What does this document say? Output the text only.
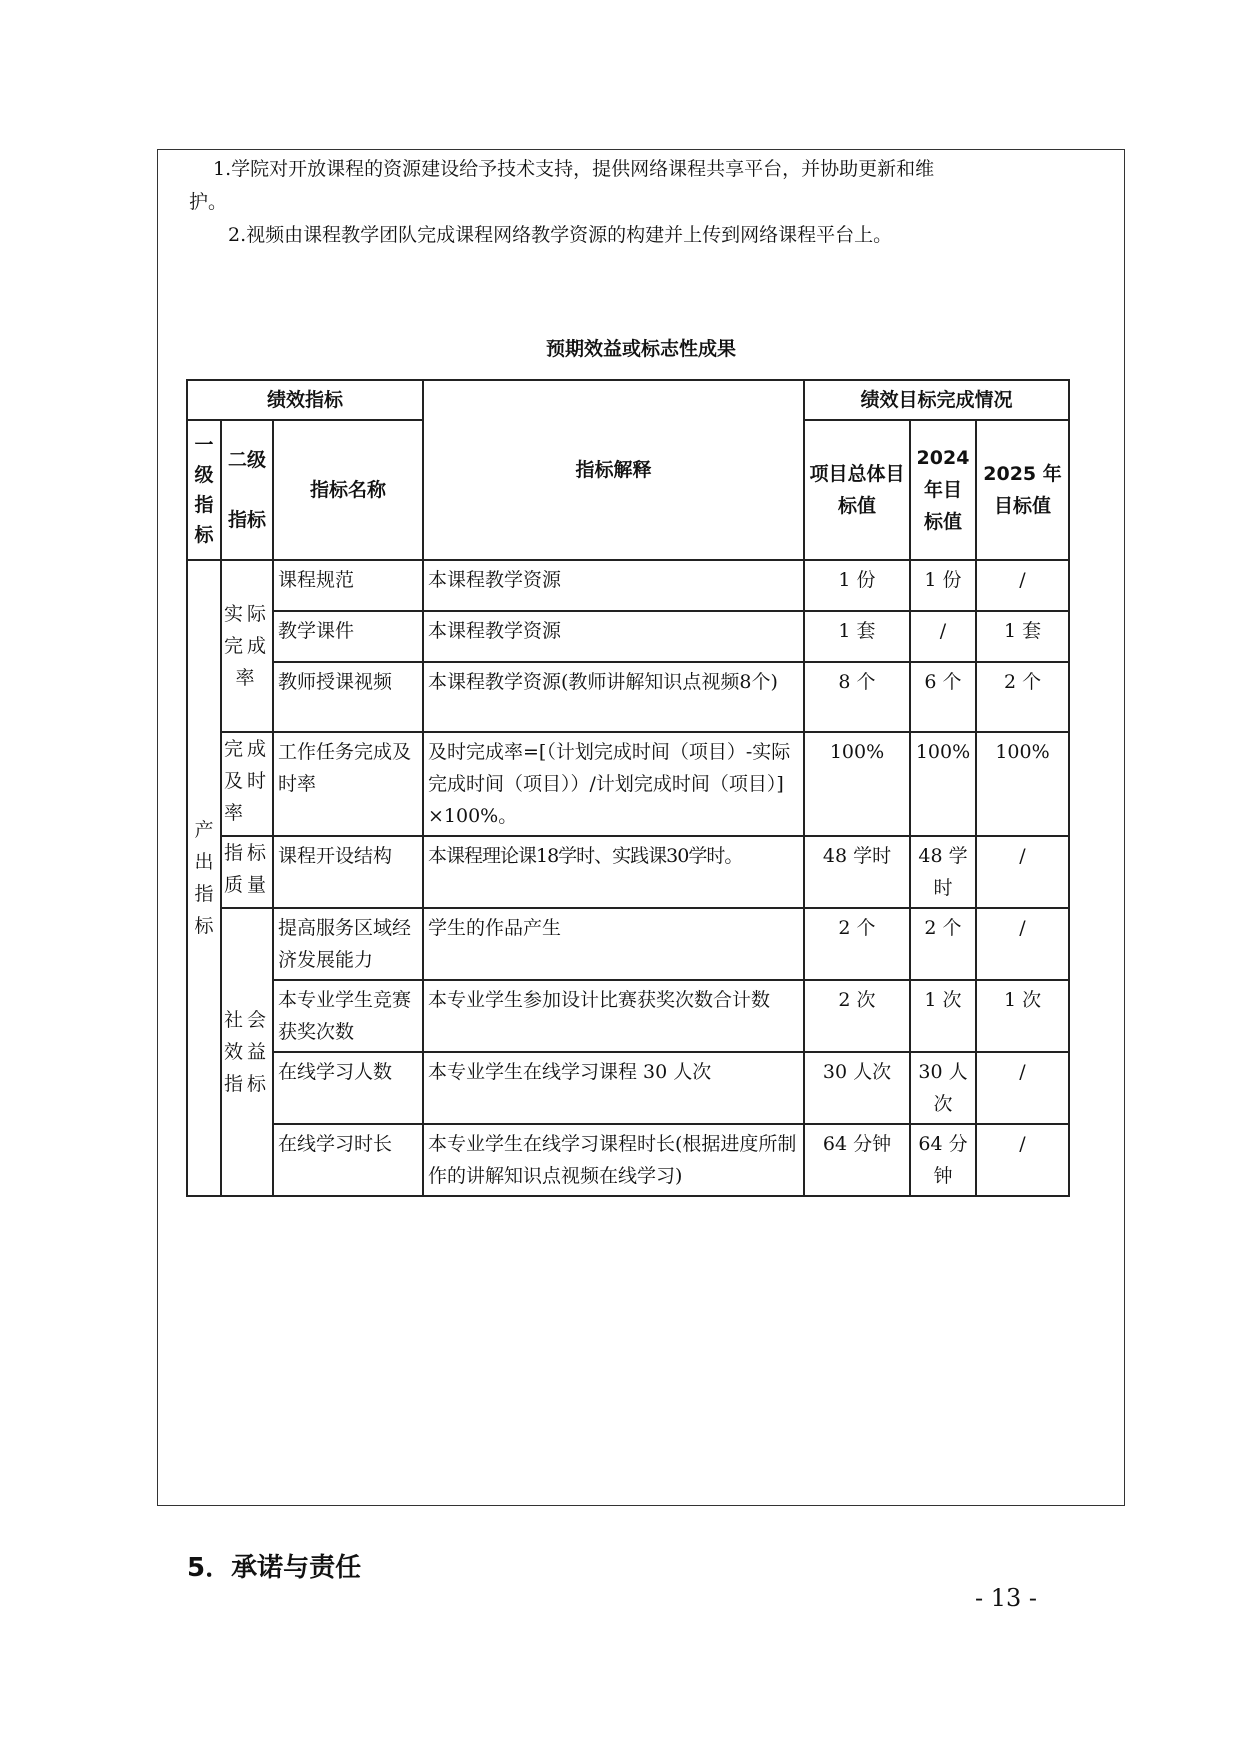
1.学院对开放课程的资源建设给予技术支持，提供网络课程共享平台，并协助更新和维

护。

2.视频由课程教学团队完成课程网络教学资源的构建并上传到网络课程平台上。

预期效益或标志性成果
绩效指标			指标解释	绩效目标完成情况		
一级指标	二级指标	指标名称		项目总体目标值	2024年目标值	2025 年目标值
产出指标	实际完成率	课程规范	本课程教学资源	1 份	1 份	/
		教学课件	本课程教学资源	1 套	/	1 套
		教师授课视频	本课程教学资源(教师讲解知识点视频8个)	8 个	6 个	2 个
	完成及时率	工作任务完成及时率	及时完成率=[（计划完成时间（项目）-实际完成时间（项目））/计划完成时间（项目）]×100%。	100%	100%	100%
	指标质量	课程开设结构	本课程理论课18学时、实践课30学时。	48 学时	48 学时	/
	社会效益指标	提高服务区域经济发展能力	学生的作品产生	2 个	2 个	/
		本专业学生竞赛获奖次数	本专业学生参加设计比赛获奖次数合计数	2 次	1 次	1 次
		在线学习人数	本专业学生在线学习课程 30 人次	30 人次	30 人次	/
		在线学习时长	本专业学生在线学习课程时长(根据进度所制作的讲解知识点视频在线学习)	64 分钟	64 分钟	/
5．承诺与责任
- 13 -
